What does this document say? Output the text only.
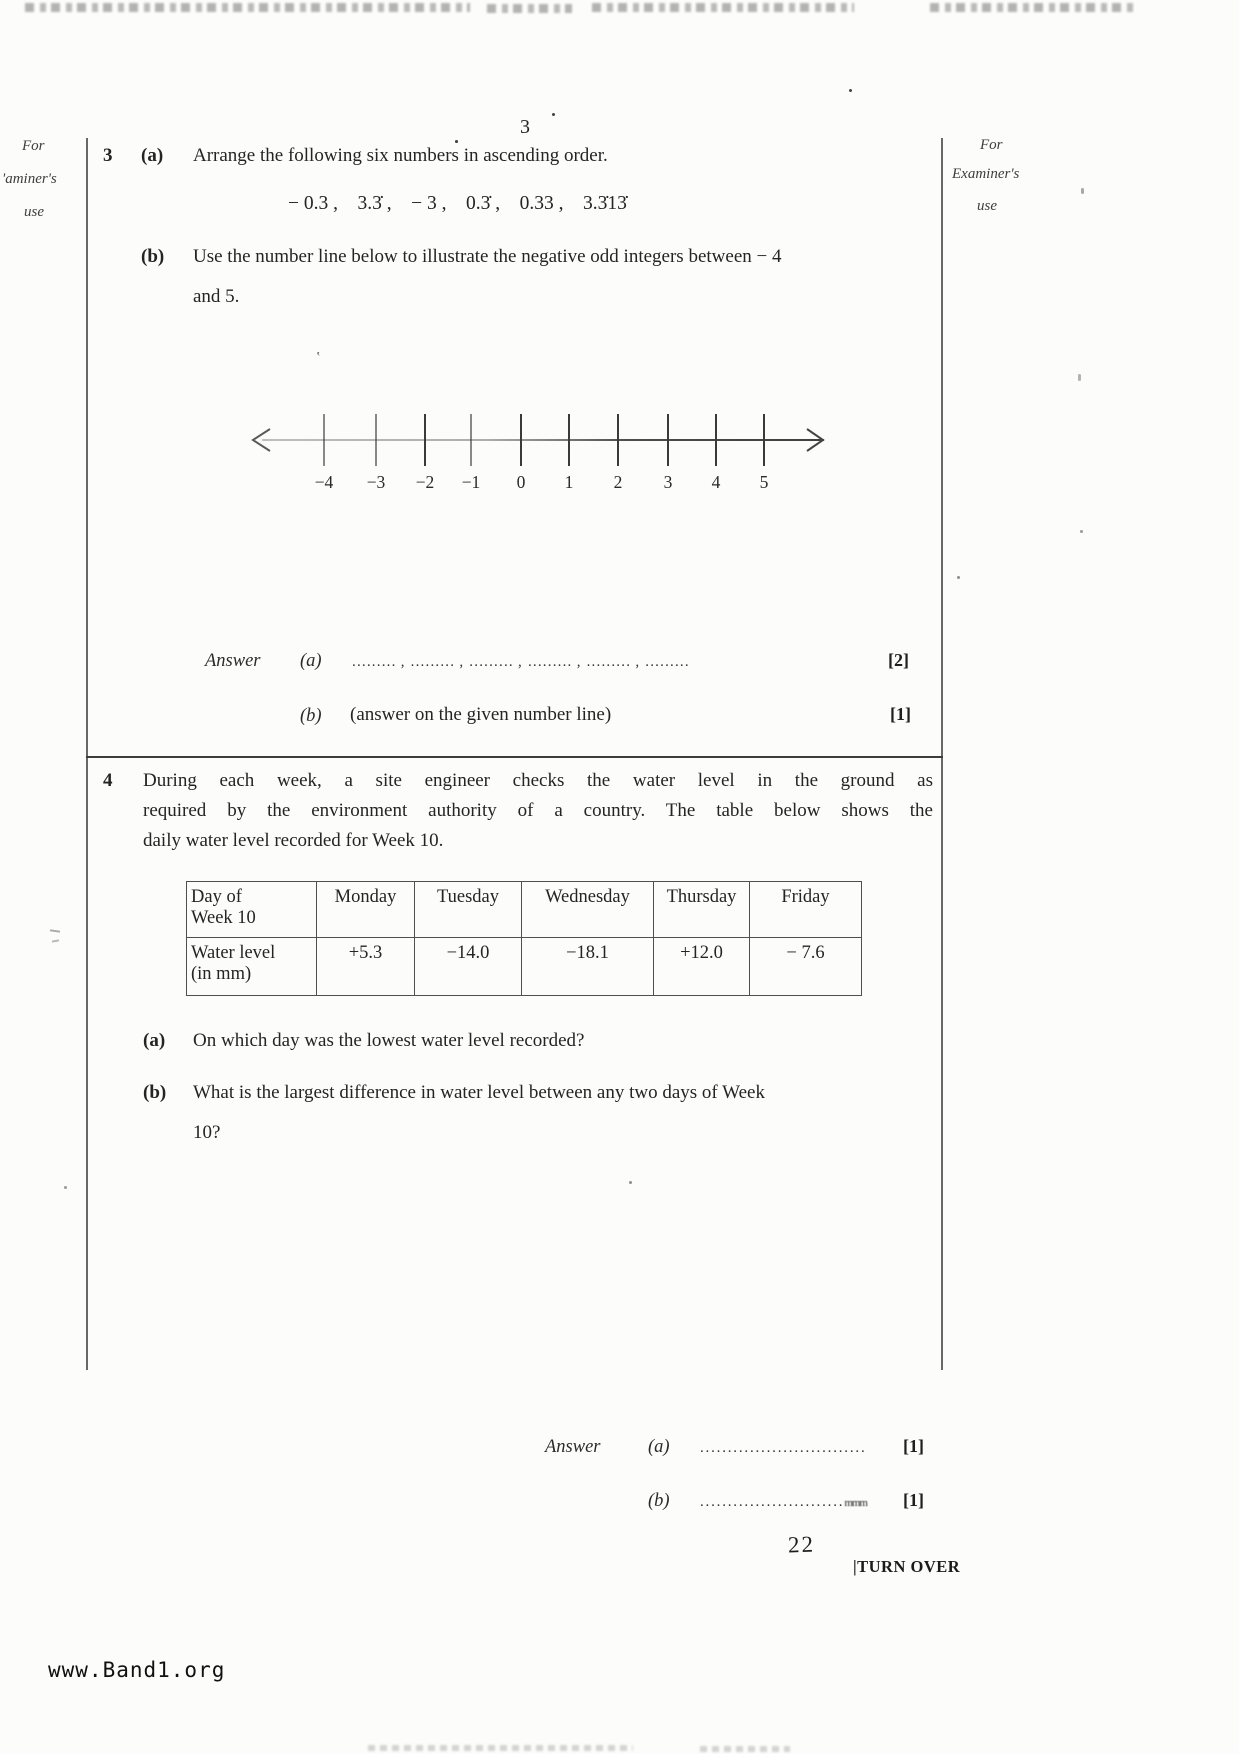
For
'aminer's
use
For
Examiner's
use
3
3 (a) Arrange the following six numbers in ascending order.
− 0.3 ,    3.3̇ ,    − 3 ,    0.3̇ ,    0.33 ,    3.3̇13̇
(b) Use the number line below to illustrate the negative odd integers between − 4
and 5.
‛
−4	−3	−2	−1	0	1	2	3	4	5
Answer (a) ......... , ......... , ......... , ......... , ......... , .........	[2]
(b) (answer on the given number line)	[1]
4 During each week, a site engineer checks the water level in the ground as
required by the environment authority of a country. The table below shows the
daily water level recorded for Week 10.
Day of
Week 10	Monday	Tuesday	Wednesday	Thursday	Friday

Water level
(in mm)	+5.3	−14.0	−18.1	+12.0	− 7.6
(a) On which day was the lowest water level recorded?
(b) What is the largest difference in water level between any two days of Week
10?
Answer	(a) .............................. [1]
(b) ..........................mmm [1]
22
|TURN OVER
www.Band1.org
